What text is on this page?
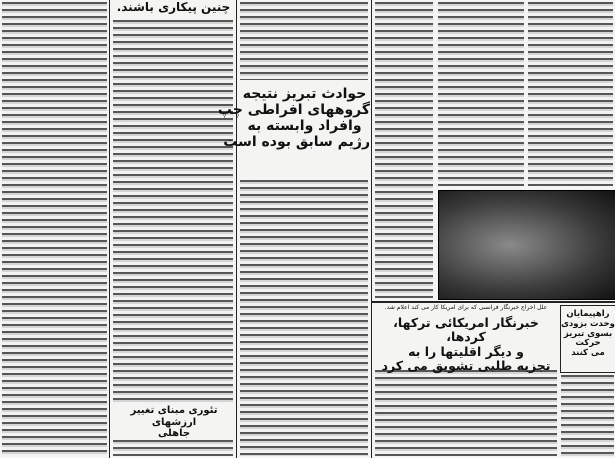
چنین پیکاری باشند.
تئوری مبنای تغییر ارزشهای
جاهلی
حوادث تبریز نتیجه
گروههای افراطی چپ
وافراد وابسته به
رژیم سابق بوده است
علل اخراج خبرنگار فرانسی که برای امریکا کار می کند اعلام شد.
خبرنگار امریکائی ترکها، کردها،
و دیگر اقلیتها را به
تجزیه طلبی تشویق می کرد
راهپیمایان
وحدت بزودی
بسوی تبریز
حرکت
می کنند
